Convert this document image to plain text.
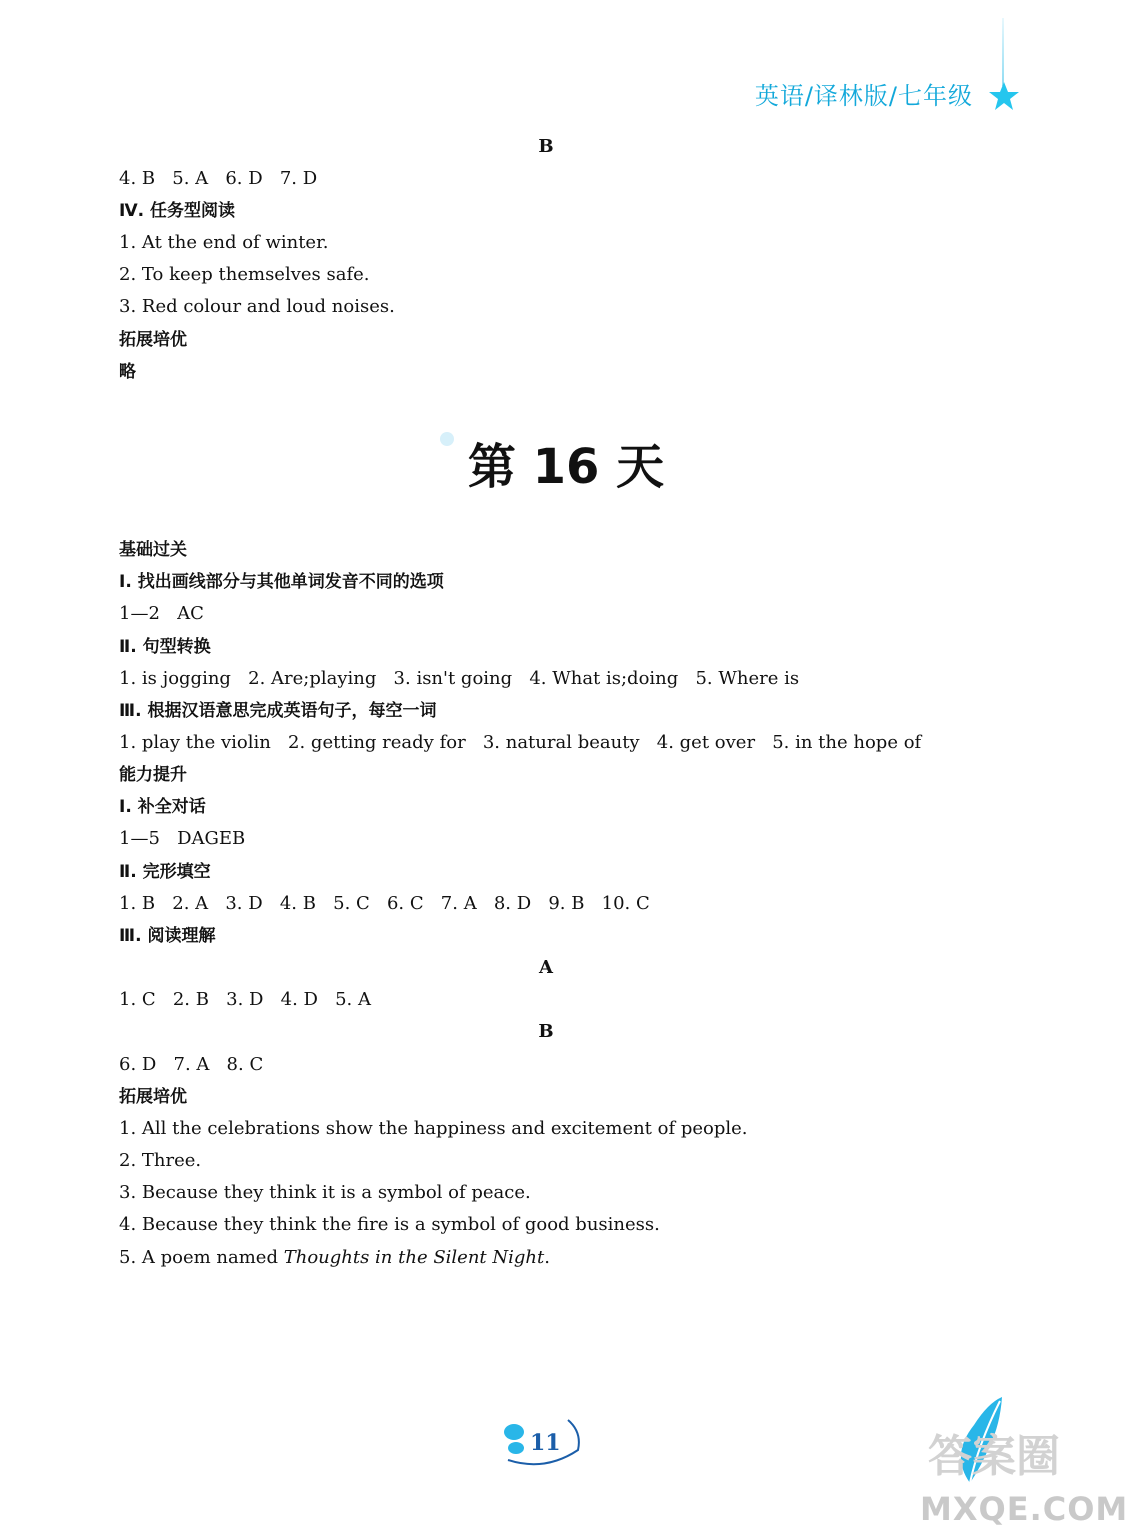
英语/译林版/七年级
B
4. B   5. A   6. D   7. D
Ⅳ. 任务型阅读
1. At the end of winter.
2. To keep themselves safe.
3. Red colour and loud noises.
拓展培优
略
第 16 天
基础过关
Ⅰ. 找出画线部分与其他单词发音不同的选项
1—2   AC
Ⅱ. 句型转换
1. is jogging   2. Are;playing   3. isn't going   4. What is;doing   5. Where is
Ⅲ. 根据汉语意思完成英语句子，每空一词
1. play the violin   2. getting ready for   3. natural beauty   4. get over   5. in the hope of
能力提升
Ⅰ. 补全对话
1—5   DAGEB
Ⅱ. 完形填空
1. B   2. A   3. D   4. B   5. C   6. C   7. A   8. D   9. B   10. C
Ⅲ. 阅读理解
A
1. C   2. B   3. D   4. D   5. A
B
6. D   7. A   8. C
拓展培优
1. All the celebrations show the happiness and excitement of people.
2. Three.
3. Because they think it is a symbol of peace.
4. Because they think the fire is a symbol of good business.
5. A poem named Thoughts in the Silent Night.
11	答案圈
MXQE.COM
